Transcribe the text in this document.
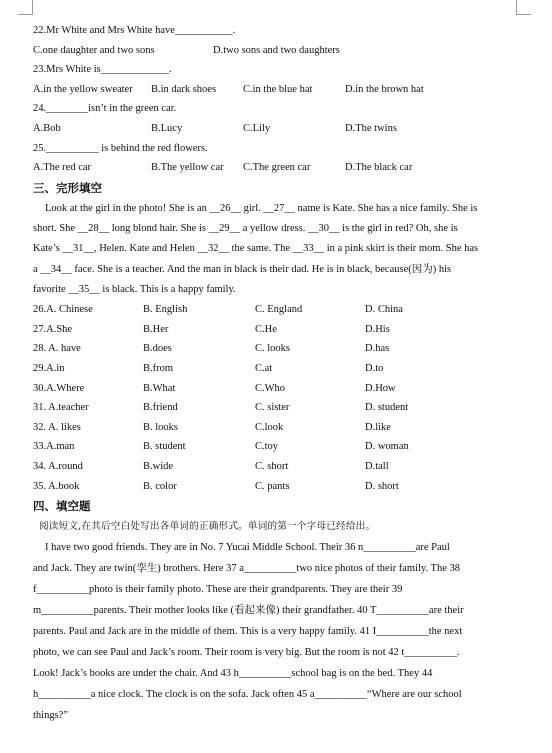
22.Mr White and Mrs White have___________.
C.one daughter and two sons	D.two sons and two daughters
23.Mrs White is_____________.
A.in the yellow sweater B.in dark shoes	C.in the blue hat	D.in the brown hat
24.________isn’t in the green car.
A.Bob	B.Lucy	C.Lily	D.The twins
25.__________ is behind the red flowers.
A.The red car	B.The yellow car C.The green car	D.The black car
三、完形填空
Look at the girl in the photo! She is an __26__ girl. __27__ name is Kate. She has a nice family. She is
short. She __28__ long blond hair. She is __29__ a yellow dress. __30__ is the girl in red? Oh, she is
Kate’s __31__, Helen. Kate and Helen __32__ the same. The __33__ in a pink skirt is their mom. She has
a __34__ face. She is a teacher. And the man in black is their dad. He is in black, because(因为) his
favorite __35__ is black. This is a happy family.
26.A. Chinese	B. English	C. England	D. China
27.A.She	B.Her	C.He	D.His
28. A. have	B.does	C. looks	D.has
29.A.in	B.from	C.at	D.to
30.A.Where	B.What	C.Who	D.How
31. A.teacher	B.friend	C. sister	D. student
32. A. likes	B. looks	C.look	D.like
33.A.man	B. student	C.toy	D. woman
34. A.round	B.wide	C. short	D.tall
35. A.book	B. color	C. pants	D. short
四、填空题
阅读短文,在其后空白处写出各单词的正确形式。单词的第一个字母已经给出。
I have two good friends. They are in No. 7 Yucai Middle School. Their 36 n__________are Paul
and Jack. They are twin(孪生) brothers. Here 37 a__________two nice photos of their family. The 38
f__________photo is their family photo. These are their grandparents. They are their 39
m__________parents. Their mother looks like (看起来像) their grandfather. 40 T__________are their
parents. Paul and Jack are in the middle of them. This is a very happy family. 41 I__________the next
photo, we can see Paul and Jack’s room. Their room is very big. But the room is not 42 t__________.
Look! Jack’s books are under the chair. And 43 h__________school bag is on the bed. They 44
h__________a nice clock. The clock is on the sofa. Jack often 45 a__________“Where are our school
things?”
